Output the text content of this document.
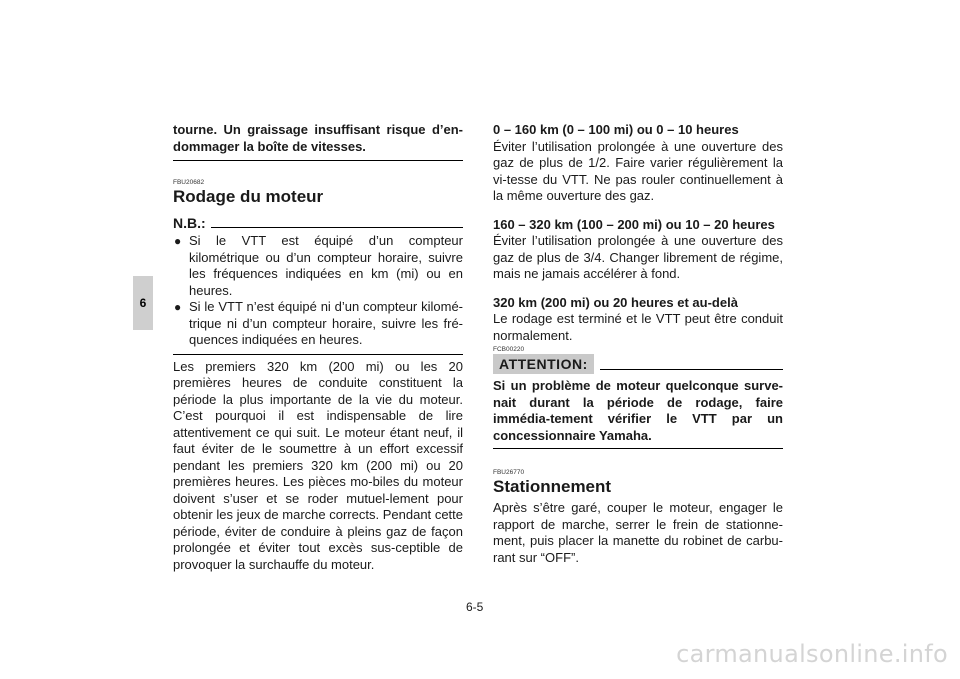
6

tourne. Un graissage insuffisant risque d’en-dommager la boîte de vitesses.

FBU20682
Rodage du moteur
N.B.:
● Si le VTT est équipé d’un compteur kilométrique ou d’un compteur horaire, suivre les fréquences indiquées en km (mi) ou en heures.
● Si le VTT n’est équipé ni d’un compteur kilomé-trique ni d’un compteur horaire, suivre les fré-quences indiquées en heures.

Les premiers 320 km (200 mi) ou les 20 premières heures de conduite constituent la période la plus importante de la vie du moteur. C’est pourquoi il est indispensable de lire attentivement ce qui suit. Le moteur étant neuf, il faut éviter de le soumettre à un effort excessif pendant les premiers 320 km (200 mi) ou 20 premières heures. Les pièces mo-biles du moteur doivent s’user et se roder mutuel-lement pour obtenir les jeux de marche corrects. Pendant cette période, éviter de conduire à pleins gaz de façon prolongée et éviter tout excès sus-ceptible de provoquer la surchauffe du moteur.

0 – 160 km (0 – 100 mi) ou 0 – 10 heures

Éviter l’utilisation prolongée à une ouverture des gaz de plus de 1/2. Faire varier régulièrement la vi-tesse du VTT. Ne pas rouler continuellement à la même ouverture des gaz.

160 – 320 km (100 – 200 mi) ou 10 – 20 heures

Éviter l’utilisation prolongée à une ouverture des gaz de plus de 3/4. Changer librement de régime, mais ne jamais accélérer à fond.

320 km (200 mi) ou 20 heures et au-delà

Le rodage est terminé et le VTT peut être conduit normalement.

FCB00220
ATTENTION:

Si un problème de moteur quelconque surve-nait durant la période de rodage, faire immédia-tement vérifier le VTT par un concessionnaire Yamaha.

FBU26770
Stationnement

Après s’être garé, couper le moteur, engager le rapport de marche, serrer le frein de stationne-ment, puis placer la manette du robinet de carbu-rant sur “OFF”.

6-5
carmanualsonline.info
